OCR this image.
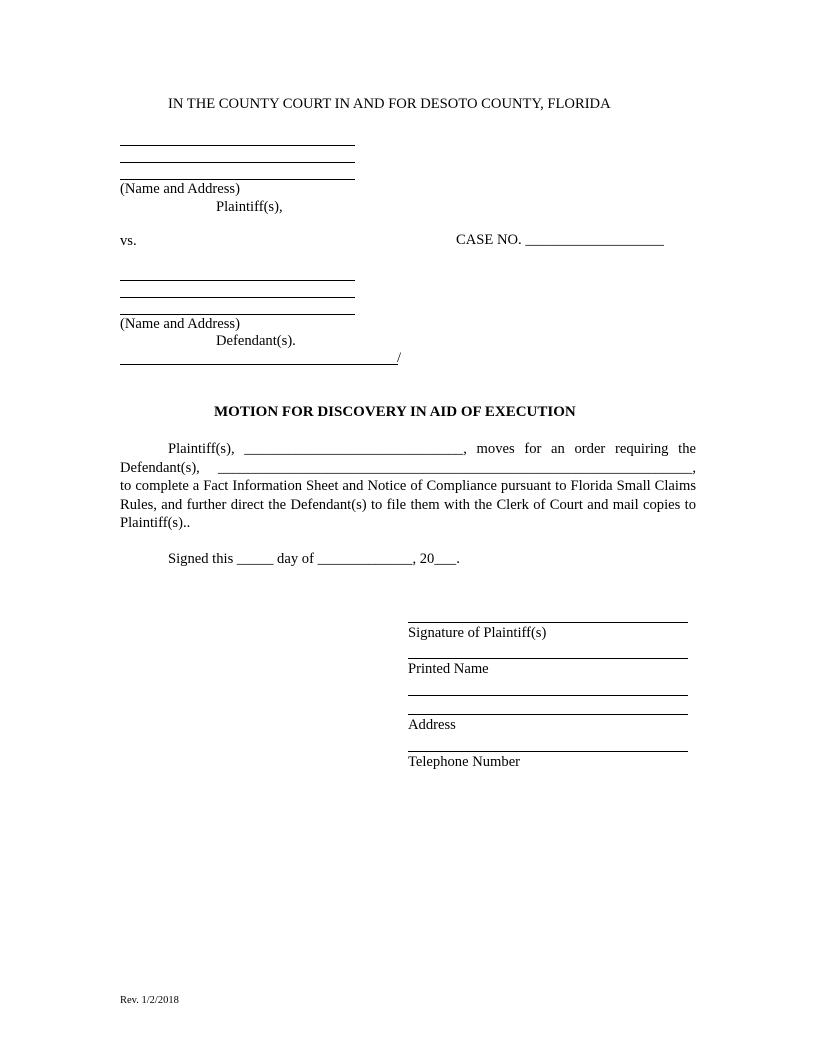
IN THE COUNTY COURT IN AND FOR DESOTO COUNTY, FLORIDA
(Name and Address)
Plaintiff(s),
vs.	CASE NO. ___________________
(Name and Address)
Defendant(s).
/
MOTION FOR DISCOVERY IN AID OF EXECUTION
Plaintiff(s), ______________________________, moves for an order requiring the Defendant(s), _________________________________________________________________, to complete a Fact Information Sheet and Notice of Compliance pursuant to Florida Small Claims Rules, and further direct the Defendant(s) to file them with the Clerk of Court and mail copies to Plaintiff(s)..
Signed this _____ day of _____________, 20___.
Signature of Plaintiff(s)
Printed Name
Address
Telephone Number
Rev. 1/2/2018
